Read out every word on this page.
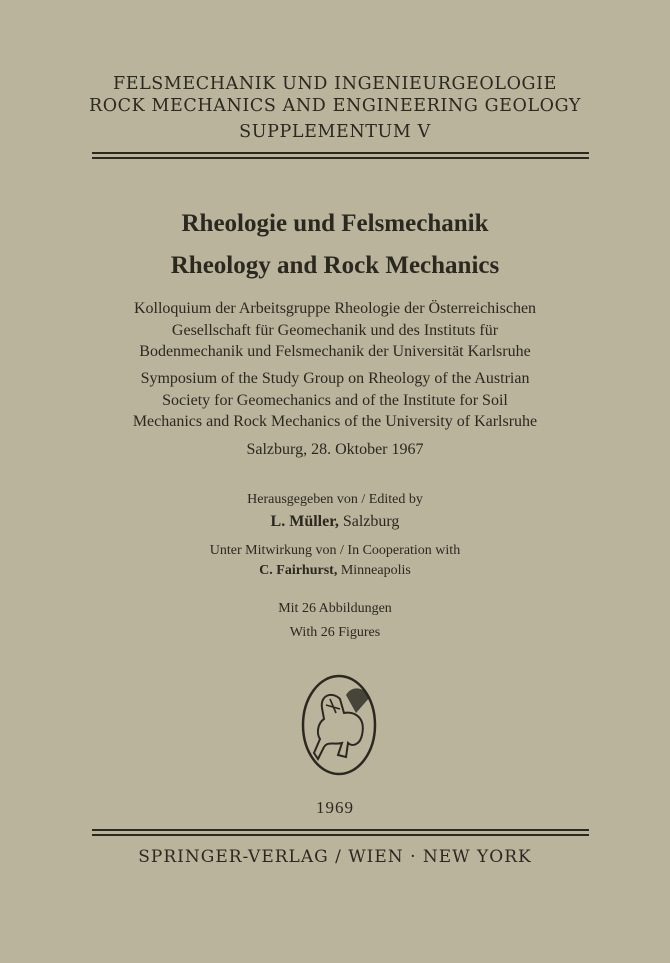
FELSMECHANIK UND INGENIEURGEOLOGIE
ROCK MECHANICS AND ENGINEERING GEOLOGY
SUPPLEMENTUM V
Rheologie und Felsmechanik
Rheology and Rock Mechanics
Kolloquium der Arbeitsgruppe Rheologie der Österreichischen
Gesellschaft für Geomechanik und des Instituts für
Bodenmechanik und Felsmechanik der Universität Karlsruhe
Symposium of the Study Group on Rheology of the Austrian
Society for Geomechanics and of the Institute for Soil
Mechanics and Rock Mechanics of the University of Karlsruhe
Salzburg, 28. Oktober 1967
Herausgegeben von / Edited by
L. Müller, Salzburg
Unter Mitwirkung von / In Cooperation with
C. Fairhurst, Minneapolis
Mit 26 Abbildungen
With 26 Figures
1969
SPRINGER-VERLAG / WIEN · NEW YORK
